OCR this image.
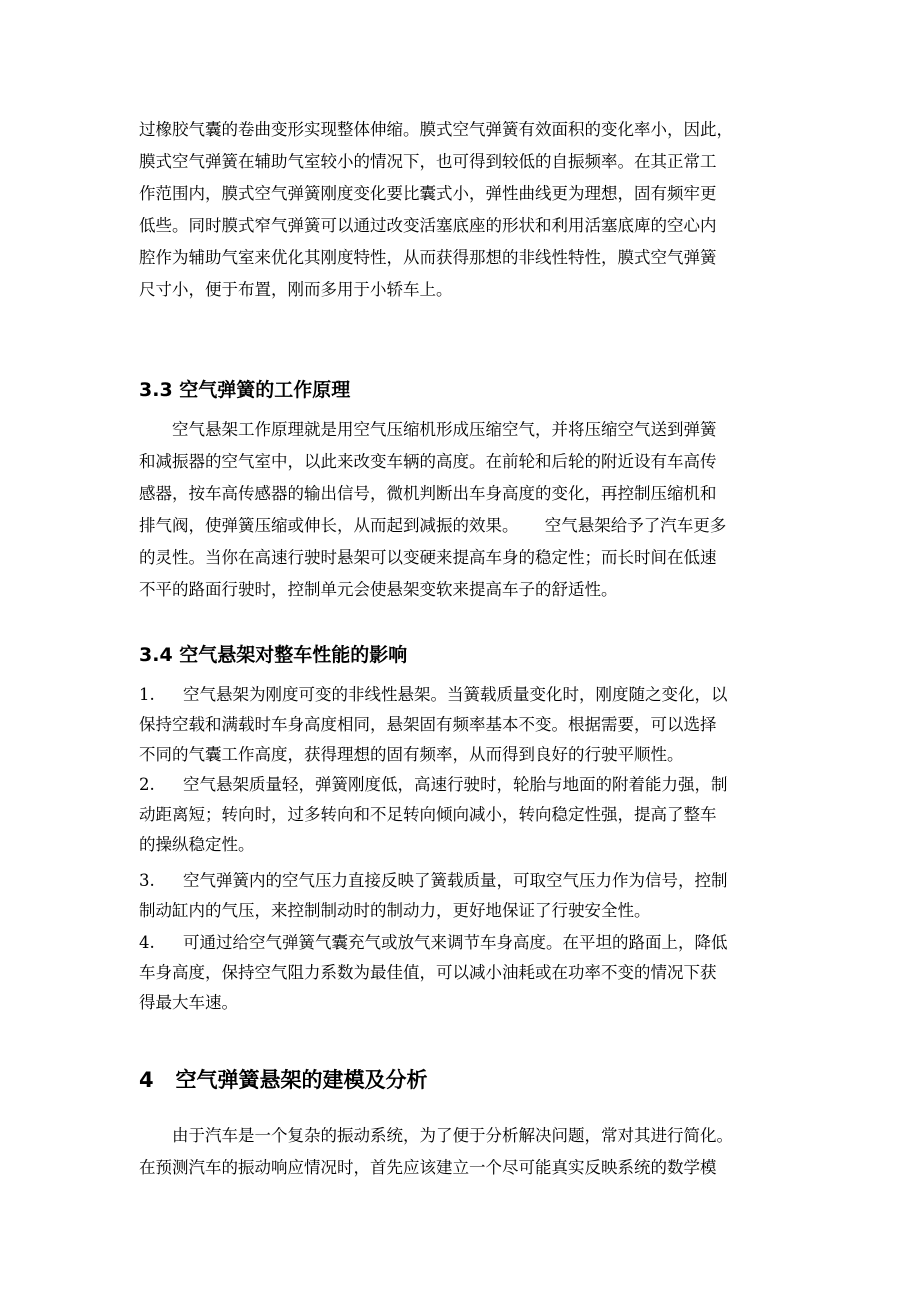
过橡胶气囊的卷曲变形实现整体伸缩。膜式空气弹簧有效面积的变化率小，因此，
膜式空气弹簧在辅助气室较小的情况下，也可得到较低的自振频率。在其正常工
作范围内，膜式空气弹簧刚度变化要比囊式小，弹性曲线更为理想，固有频牢更
低些。同时膜式窄气弹簧可以通过改变活塞底座的形状和利用活塞底庳的空心内
腔作为辅助气室来优化其刚度特性，从而获得那想的非线性特性，膜式空气弹簧
尺寸小，便于布置，刚而多用于小轿车上。
3.3 空气弹簧的工作原理
空气悬架工作原理就是用空气压缩机形成压缩空气，并将压缩空气送到弹簧
和减振器的空气室中，以此来改变车辆的高度。在前轮和后轮的附近设有车高传
感器，按车高传感器的输出信号，微机判断出车身高度的变化，再控制压缩机和
排气阀，使弹簧压缩或伸长，从而起到减振的效果。     空气悬架给予了汽车更多
的灵性。当你在高速行驶时悬架可以变硬来提高车身的稳定性；而长时间在低速
不平的路面行驶时，控制单元会使悬架变软来提高车子的舒适性。
3.4 空气悬架对整车性能的影响
1. 空气悬架为刚度可变的非线性悬架。当簧载质量变化时，刚度随之变化，以
保持空载和满载时车身高度相同，悬架固有频率基本不变。根据需要，可以选择
不同的气囊工作高度，获得理想的固有频率，从而得到良好的行驶平顺性。
2. 空气悬架质量轻，弹簧刚度低，高速行驶时，轮胎与地面的附着能力强，制
动距离短；转向时，过多转向和不足转向倾向减小，转向稳定性强，提高了整车
的操纵稳定性。
3. 空气弹簧内的空气压力直接反映了簧载质量，可取空气压力作为信号，控制
制动缸内的气压，来控制制动时的制动力，更好地保证了行驶安全性。
4. 可通过给空气弹簧气囊充气或放气来调节车身高度。在平坦的路面上，降低
车身高度，保持空气阻力系数为最佳值，可以减小油耗或在功率不变的情况下获
得最大车速。
4   空气弹簧悬架的建模及分析
由于汽车是一个复杂的振动系统，为了便于分析解决问题，常对其进行简化。
在预测汽车的振动响应情况时，首先应该建立一个尽可能真实反映系统的数学模
